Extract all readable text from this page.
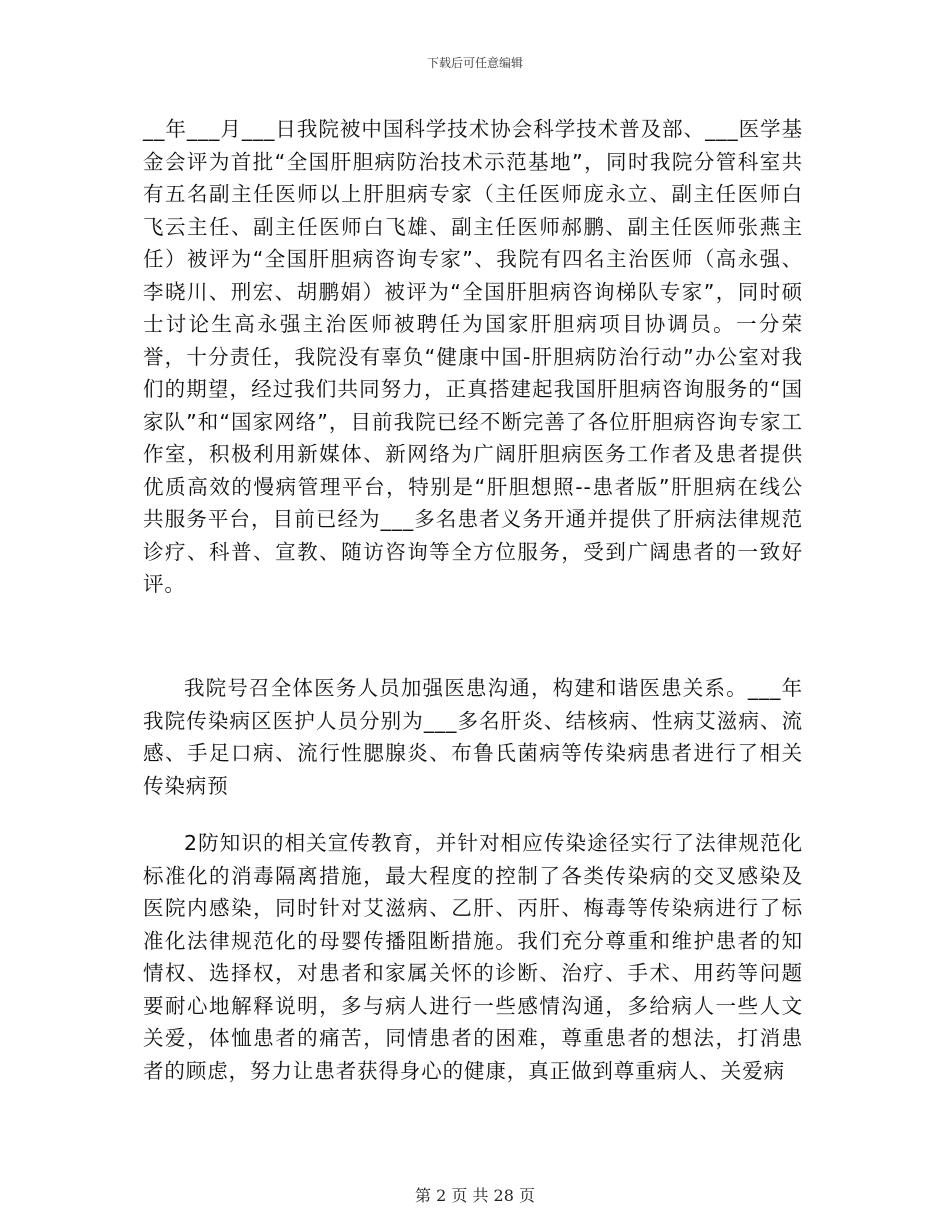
下载后可任意编辑

__年___月___日我院被中国科学技术协会科学技术普及部、___医学基金会评为首批“全国肝胆病防治技术示范基地”，同时我院分管科室共有五名副主任医师以上肝胆病专家（主任医师庞永立、副主任医师白飞云主任、副主任医师白飞雄、副主任医师郝鹏、副主任医师张燕主任）被评为“全国肝胆病咨询专家”、我院有四名主治医师（高永强、李晓川、刑宏、胡鹏娟）被评为“全国肝胆病咨询梯队专家”，同时硕士讨论生高永强主治医师被聘任为国家肝胆病项目协调员。一分荣誉，十分责任，我院没有辜负“健康中国-肝胆病防治行动”办公室对我们的期望，经过我们共同努力，正真搭建起我国肝胆病咨询服务的“国家队”和“国家网络”，目前我院已经不断完善了各位肝胆病咨询专家工作室，积极利用新媒体、新网络为广阔肝胆病医务工作者及患者提供优质高效的慢病管理平台，特别是“肝胆想照--患者版”肝胆病在线公共服务平台，目前已经为___多名患者义务开通并提供了肝病法律规范诊疗、科普、宣教、随访咨询等全方位服务，受到广阔患者的一致好评。

我院号召全体医务人员加强医患沟通，构建和谐医患关系。___年我院传染病区医护人员分别为___多名肝炎、结核病、性病艾滋病、流感、手足口病、流行性腮腺炎、布鲁氏菌病等传染病患者进行了相关传染病预

2防知识的相关宣传教育，并针对相应传染途径实行了法律规范化标准化的消毒隔离措施，最大程度的控制了各类传染病的交叉感染及医院内感染，同时针对艾滋病、乙肝、丙肝、梅毒等传染病进行了标准化法律规范化的母婴传播阻断措施。我们充分尊重和维护患者的知情权、选择权，对患者和家属关怀的诊断、治疗、手术、用药等问题要耐心地解释说明，多与病人进行一些感情沟通，多给病人一些人文关爱，体恤患者的痛苦，同情患者的困难，尊重患者的想法，打消患者的顾虑，努力让患者获得身心的健康，真正做到尊重病人、关爱病

第 2 页 共 28 页
